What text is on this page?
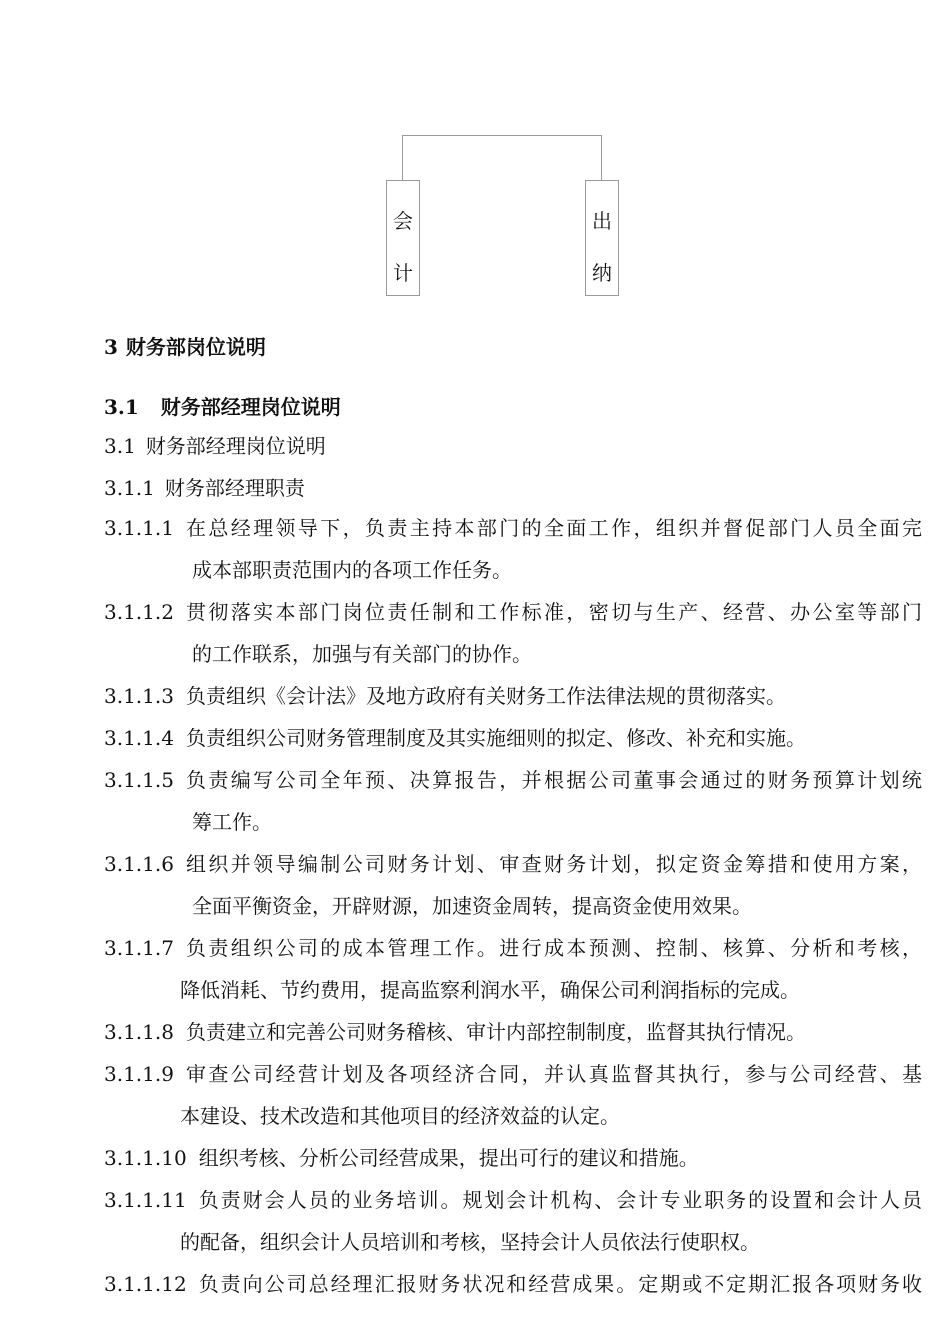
会
计
出
纳
3 财务部岗位说明
3.1 财务部经理岗位说明
3.1 财务部经理岗位说明
3.1.1 财务部经理职责
3.1.1.1 在总经理领导下，负责主持本部门的全面工作，组织并督促部门人员全面完
成本部职责范围内的各项工作任务。
3.1.1.2 贯彻落实本部门岗位责任制和工作标准，密切与生产、经营、办公室等部门
的工作联系，加强与有关部门的协作。
3.1.1.3 负责组织《会计法》及地方政府有关财务工作法律法规的贯彻落实。
3.1.1.4 负责组织公司财务管理制度及其实施细则的拟定、修改、补充和实施。
3.1.1.5 负责编写公司全年预、决算报告，并根据公司董事会通过的财务预算计划统
筹工作。
3.1.1.6 组织并领导编制公司财务计划、审查财务计划，拟定资金筹措和使用方案，
全面平衡资金，开辟财源，加速资金周转，提高资金使用效果。
3.1.1.7 负责组织公司的成本管理工作。进行成本预测、控制、核算、分析和考核，
降低消耗、节约费用，提高监察利润水平，确保公司利润指标的完成。
3.1.1.8 负责建立和完善公司财务稽核、审计内部控制制度，监督其执行情况。
3.1.1.9 审查公司经营计划及各项经济合同，并认真监督其执行，参与公司经营、基
本建设、技术改造和其他项目的经济效益的认定。
3.1.1.10 组织考核、分析公司经营成果，提出可行的建议和措施。
3.1.1.11 负责财会人员的业务培训。规划会计机构、会计专业职务的设置和会计人员
的配备，组织会计人员培训和考核，坚持会计人员依法行使职权。
3.1.1.12 负责向公司总经理汇报财务状况和经营成果。定期或不定期汇报各项财务收
